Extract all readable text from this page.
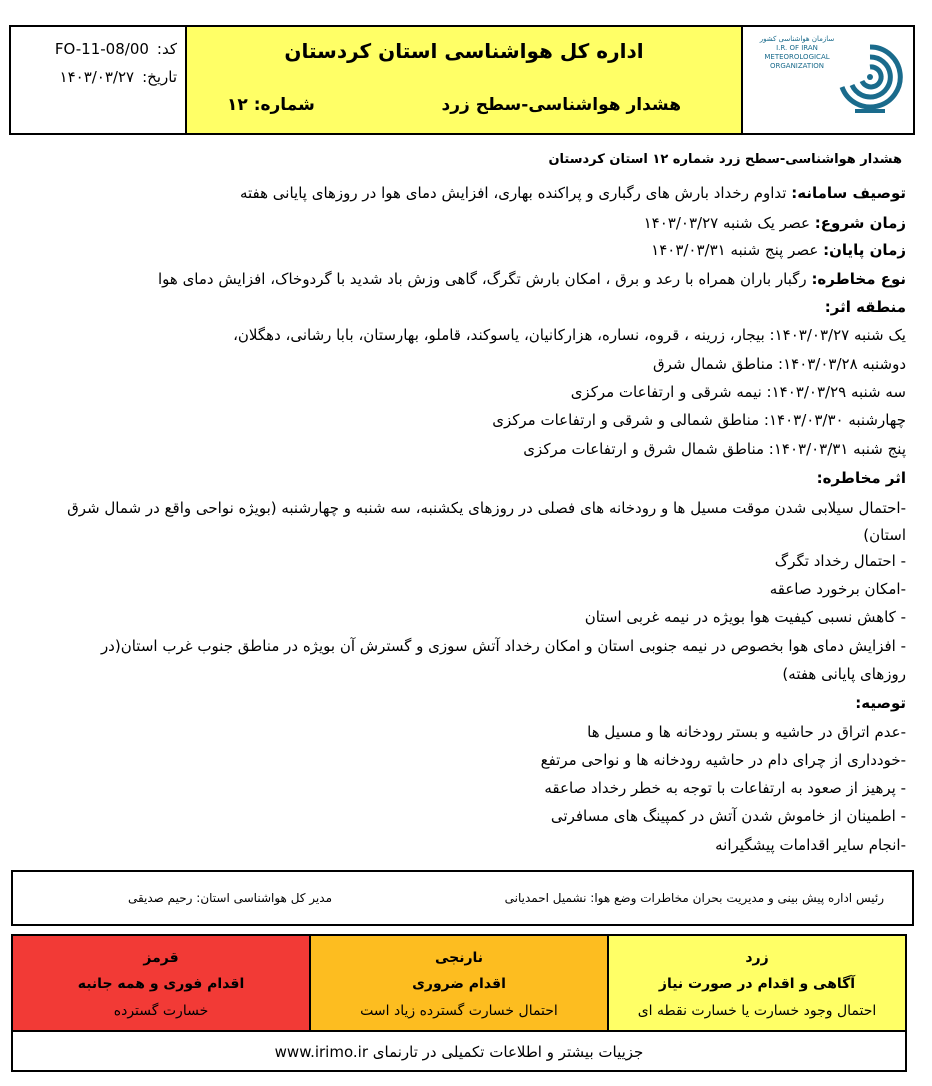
کد:
FO-11-08/00
تاریخ:
۱۴۰۳/۰۳/۲۷
اداره کل هواشناسی استان کردستان
هشدار هواشناسی-سطح زرد
شماره: ۱۲
سازمان هواشناسی کشور
I.R. OF IRAN
METEOROLOGICAL
ORGANIZATION
هشدار هواشناسی-سطح زرد شماره ۱۲ استان کردستان
توصیف سامانه: تداوم رخداد بارش های رگباری و پراکنده بهاری، افزایش دمای هوا در روزهای پایانی هفته
زمان شروع: عصر یک شنبه ۱۴۰۳/۰۳/۲۷
زمان پایان: عصر پنج شنبه ۱۴۰۳/۰۳/۳۱
نوع مخاطره: رگبار باران همراه با رعد و برق ، امکان بارش تگرگ، گاهی وزش باد شدید با گردوخاک، افزایش دمای هوا
منطقه اثر:
یک شنبه ۱۴۰۳/۰۳/۲۷: بیجار، زرینه ، قروه، نساره، هزارکانیان، یاسوکند، قاملو، بهارستان، بابا رشانی، دهگلان،
دوشنبه ۱۴۰۳/۰۳/۲۸: مناطق شمال شرق
سه شنبه ۱۴۰۳/۰۳/۲۹: نیمه شرقی و ارتفاعات مرکزی
چهارشنبه ۱۴۰۳/۰۳/۳۰: مناطق شمالی و شرقی و ارتفاعات مرکزی
پنج شنبه ۱۴۰۳/۰۳/۳۱: مناطق شمال شرق و ارتفاعات مرکزی
اثر مخاطره:
-احتمال سیلابی شدن موقت مسیل ها و رودخانه های فصلی در روزهای یکشنبه، سه شنبه و چهارشنبه (بویژه نواحی واقع در شمال شرق
استان)
- احتمال رخداد تگرگ
-امکان برخورد صاعقه
- کاهش نسبی کیفیت هوا بویژه در نیمه غربی استان
- افزایش دمای هوا بخصوص در نیمه جنوبی استان و امکان رخداد آتش سوزی و گسترش آن بویژه در مناطق جنوب غرب استان(در
روزهای پایانی هفته)
توصیه:
-عدم اتراق در حاشیه و بستر رودخانه ها و مسیل ها
-خودداری از چرای دام در حاشیه رودخانه ها و نواحی مرتفع
- پرهیز از صعود به ارتفاعات با توجه به خطر رخداد صاعقه
- اطمینان از خاموش شدن آتش در کمپینگ های مسافرتی
-انجام سایر اقدامات پیشگیرانه
رئیس اداره پیش بینی و مدیریت بحران مخاطرات وضع هوا: نشمیل احمدیانی
مدیر کل هواشناسی استان: رحیم صدیقی
زرد
آگاهی و اقدام در صورت نیاز
احتمال وجود خسارت یا خسارت نقطه ای
نارنجی
اقدام ضروری
احتمال خسارت گسترده زیاد است
قرمز
اقدام فوری و همه جانبه
خسارت گسترده
جزییات بیشتر و اطلاعات تکمیلی در تارنمای www.irimo.ir
